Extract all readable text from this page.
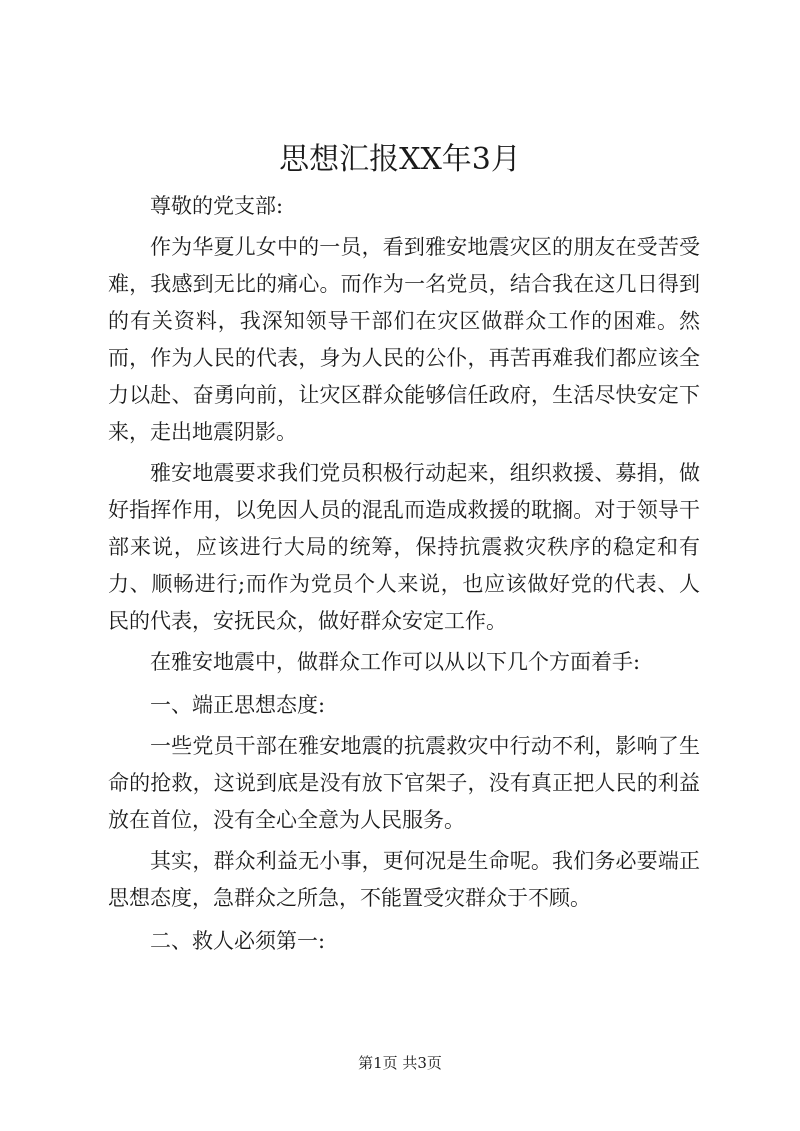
思想汇报XX年3月

尊敬的党支部:

作为华夏儿女中的一员，看到雅安地震灾区的朋友在受苦受难，我感到无比的痛心。而作为一名党员，结合我在这几日得到的有关资料，我深知领导干部们在灾区做群众工作的困难。然而，作为人民的代表，身为人民的公仆，再苦再难我们都应该全力以赴、奋勇向前，让灾区群众能够信任政府，生活尽快安定下来，走出地震阴影。

雅安地震要求我们党员积极行动起来，组织救援、募捐，做好指挥作用，以免因人员的混乱而造成救援的耽搁。对于领导干部来说，应该进行大局的统筹，保持抗震救灾秩序的稳定和有力、顺畅进行;而作为党员个人来说，也应该做好党的代表、人民的代表，安抚民众，做好群众安定工作。

在雅安地震中，做群众工作可以从以下几个方面着手:

一、端正思想态度:

一些党员干部在雅安地震的抗震救灾中行动不利，影响了生命的抢救，这说到底是没有放下官架子，没有真正把人民的利益放在首位，没有全心全意为人民服务。

其实，群众利益无小事，更何况是生命呢。我们务必要端正思想态度，急群众之所急，不能置受灾群众于不顾。

二、救人必须第一:

第1页 共3页
